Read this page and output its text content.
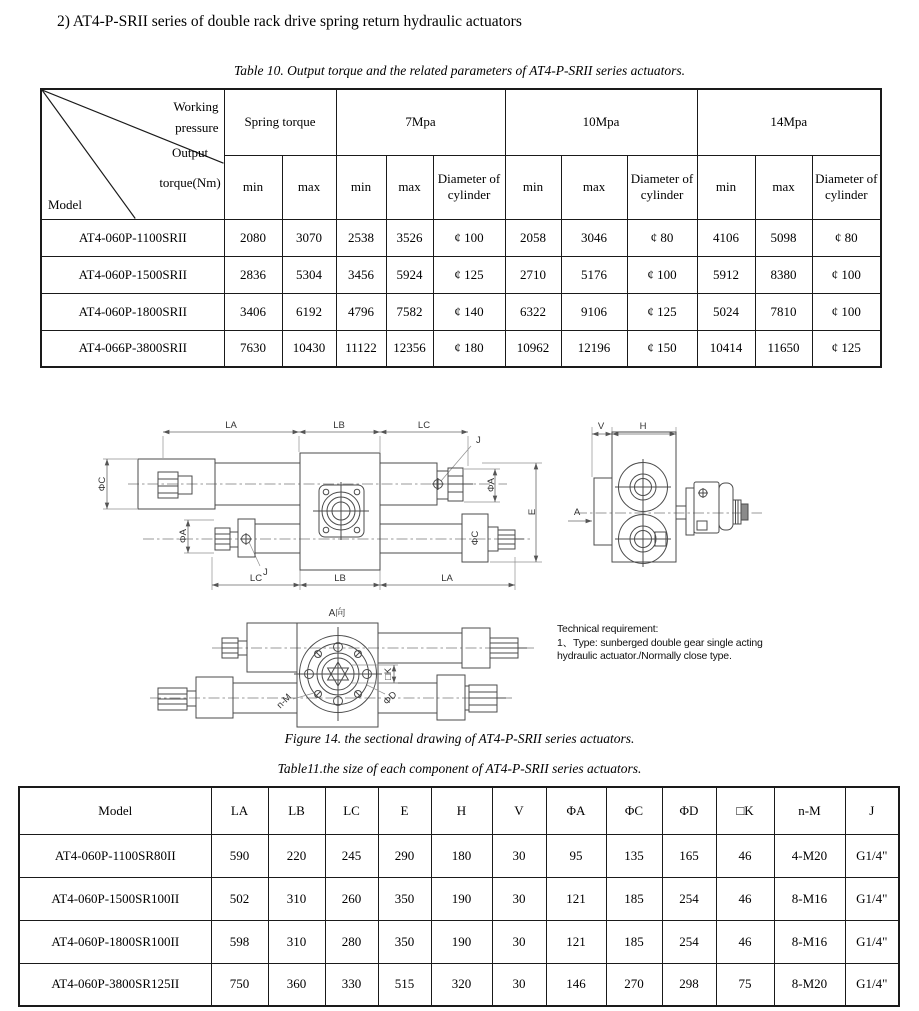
2) AT4-P-SRII series of double rack drive spring return hydraulic actuators
Table 10. Output torque and the related parameters of AT4-P-SRII series actuators.
Working
pressure
Output
torque(Nm)
Model	Spring torque		7Mpa			10Mpa			14Mpa		
	min	max	min	max	Diameter of cylinder	min	max	Diameter of cylinder	min	max	Diameter of cylinder
AT4-060P-1100SRII	2080	3070	2538	3526	¢ 100	2058	3046	¢ 80	4106	5098	¢ 80
AT4-060P-1500SRII	2836	5304	3456	5924	¢ 125	2710	5176	¢ 100	5912	8380	¢ 100
AT4-060P-1800SRII	3406	6192	4796	7582	¢ 140	6322	9106	¢ 125	5024	7810	¢ 100
AT4-066P-3800SRII	7630	10430	11122	12356	¢ 180	10962	12196	¢ 150	10414	11650	¢ 125
LA	LB	LC
J
J
LC	LB	LA
ΦC
ΦA
ΦA
E
ΦC
V	H
A
A向
□K
n-M	ΦD
Technical requirement:
1、Type: sunberged double gear single acting
hydraulic actuator./Normally close type.
Figure 14. the sectional drawing of AT4-P-SRII series actuators.
Table11.the size of each component of AT4-P-SRII series actuators.
Model	LA	LB	LC	E	H	V	ΦA	ΦC	ΦD	□K	n-M	J
AT4-060P-1100SR80II	590	220	245	290	180	30	95	135	165	46	4-M20	G1/4"
AT4-060P-1500SR100II	502	310	260	350	190	30	121	185	254	46	8-M16	G1/4"
AT4-060P-1800SR100II	598	310	280	350	190	30	121	185	254	46	8-M16	G1/4"
AT4-060P-3800SR125II	750	360	330	515	320	30	146	270	298	75	8-M20	G1/4"
